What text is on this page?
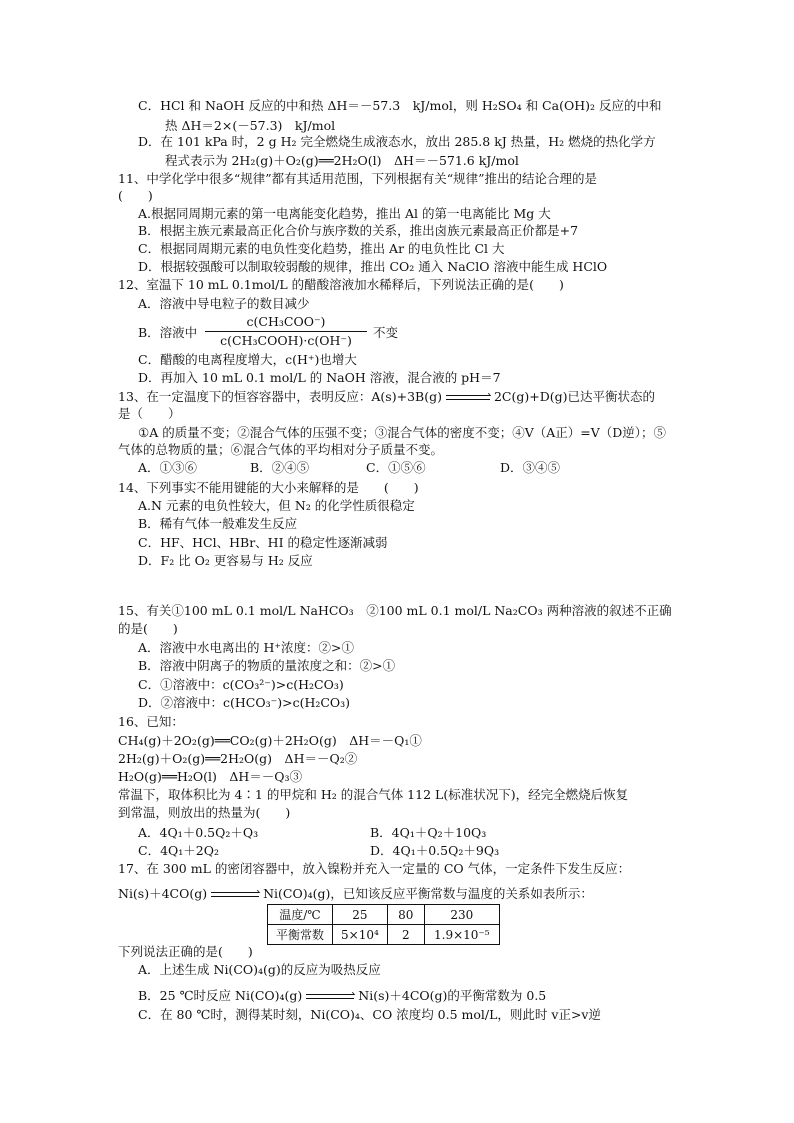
C．HCl 和 NaOH 反应的中和热 ΔH＝－57.3　kJ/mol，则 H₂SO₄ 和 Ca(OH)₂ 反应的中和
热 ΔH＝2×(－57.3)　kJ/mol
D．在 101 kPa 时，2 g H₂ 完全燃烧生成液态水，放出 285.8 kJ 热量，H₂ 燃烧的热化学方
程式表示为 2H₂(g)＋O₂(g)══2H₂O(l)　ΔH＝－571.6 kJ/mol
11、中学化学中很多“规律”都有其适用范围，下列根据有关“规律”推出的结论合理的是
(　　)
A.根据同周期元素的第一电离能变化趋势，推出 Al 的第一电离能比 Mg 大
B．根据主族元素最高正化合价与族序数的关系，推出卤族元素最高正价都是+7
C．根据同周期元素的电负性变化趋势，推出 Ar 的电负性比 Cl 大
D．根据较强酸可以制取较弱酸的规律，推出 CO₂ 通入 NaClO 溶液中能生成 HClO
12、室温下 10 mL 0.1mol/L 的醋酸溶液加水稀释后，下列说法正确的是(　　)
A．溶液中导电粒子的数目减少
B．溶液中
c(CH₃COO⁻)
c(CH₃COOH)·c(OH⁻)
不变
C．醋酸的电离程度增大，c(H⁺)也增大
D．再加入 10 mL 0.1 mol/L 的 NaOH 溶液，混合液的 pH＝7
13、在一定温度下的恒容容器中，表明反应：A(s)+3B(g)	2C(g)+D(g)已达平衡状态的
是（　　）
①A 的质量不变；②混合气体的压强不变；③混合气体的密度不变；④V（A正）=V（D逆）；⑤
气体的总物质的量；⑥混合气体的平均相对分子质量不变。
A．①③⑥	B．②④⑤	C．①⑤⑥	D．③④⑤
14、下列事实不能用键能的大小来解释的是　　(　　)
A.N 元素的电负性较大，但 N₂ 的化学性质很稳定
B．稀有气体一般难发生反应
C．HF、HCl、HBr、HI 的稳定性逐渐减弱
D．F₂ 比 O₂ 更容易与 H₂ 反应
15、有关①100 mL 0.1 mol/L NaHCO₃　②100 mL 0.1 mol/L Na₂CO₃ 两种溶液的叙述不正确
的是(　　)
A．溶液中水电离出的 H⁺浓度：②>①
B．溶液中阴离子的物质的量浓度之和：②>①
C．①溶液中：c(CO₃²⁻)>c(H₂CO₃)
D．②溶液中：c(HCO₃⁻)>c(H₂CO₃)
16、已知：
CH₄(g)＋2O₂(g)══CO₂(g)＋2H₂O(g)　ΔH＝－Q₁①
2H₂(g)＋O₂(g)══2H₂O(g)　ΔH＝－Q₂②
H₂O(g)══H₂O(l)　ΔH＝－Q₃③
常温下，取体积比为 4∶1 的甲烷和 H₂ 的混合气体 112 L(标准状况下)，经完全燃烧后恢复
到常温，则放出的热量为(　　)
A．4Q₁＋0.5Q₂＋Q₃	B．4Q₁＋Q₂＋10Q₃
C．4Q₁＋2Q₂	D．4Q₁＋0.5Q₂＋9Q₃
17、在 300 mL 的密闭容器中，放入镍粉并充入一定量的 CO 气体，一定条件下发生反应：
Ni(s)＋4CO(g)	Ni(CO)₄(g)，已知该反应平衡常数与温度的关系如表所示：
温度/℃	25	80	230
平衡常数	5×10⁴	2	1.9×10⁻⁵
下列说法正确的是(　　)
A．上述生成 Ni(CO)₄(g)的反应为吸热反应
B．25 ℃时反应 Ni(CO)₄(g)	Ni(s)＋4CO(g)的平衡常数为 0.5
C．在 80 ℃时，测得某时刻，Ni(CO)₄、CO 浓度均 0.5 mol/L，则此时 v正>v逆
